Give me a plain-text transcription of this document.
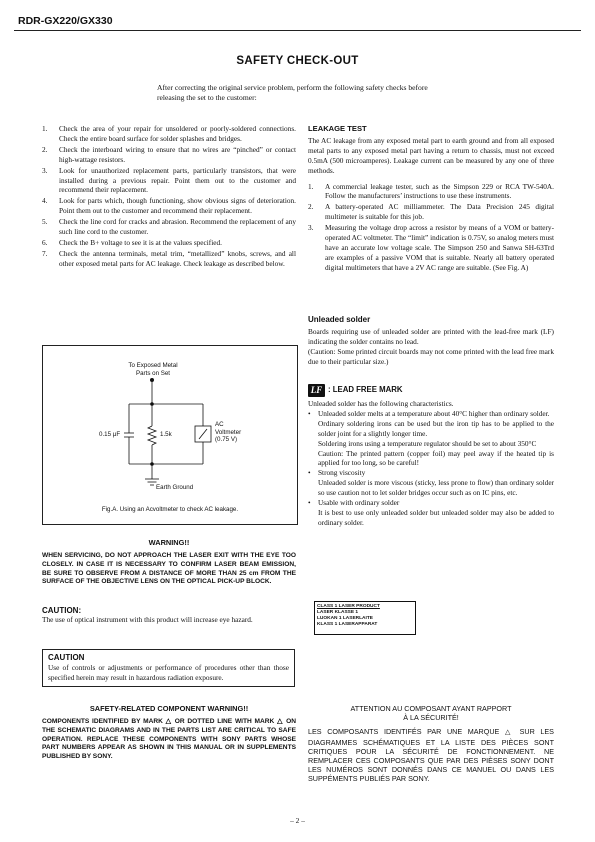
RDR-GX220/GX330
SAFETY CHECK-OUT
After correcting the original service problem, perform the following safety checks before releasing the set to the customer:
1. Check the area of your repair for unsoldered or poorly-soldered connections. Check the entire board surface for solder splashes and bridges.
2. Check the interboard wiring to ensure that no wires are “pinched” or contact high-wattage resistors.
3. Look for unauthorized replacement parts, particularly transistors, that were installed during a previous repair. Point them out to the customer and recommend their replacement.
4. Look for parts which, though functioning, show obvious signs of deterioration. Point them out to the customer and recommend their replacement.
5. Check the line cord for cracks and abrasion. Recommend the replacement of any such line cord to the customer.
6. Check the B+ voltage to see it is at the values specified.
7. Check the antenna terminals, metal trim, “metallized” knobs, screws, and all other exposed metal parts for AC leakage. Check leakage as described below.
To Exposed Metal
Parts on Set
0.15 μF	1.5k
AC
Voltmeter
(0.75 V)
Earth Ground
Fig.A. Using an Acvoltmeter to check AC leakage.
WARNING!!
WHEN SERVICING, DO NOT APPROACH THE LASER EXIT WITH THE EYE TOO CLOSELY. IN CASE IT IS NECESSARY TO CONFIRM LASER BEAM EMISSION, BE SURE TO OBSERVE FROM A DISTANCE OF MORE THAN 25 cm FROM THE SURFACE OF THE OBJECTIVE LENS ON THE OPTICAL PICK-UP BLOCK.
CAUTION:
The use of optical instrument with this product will increase eye hazard.
CAUTION
Use of controls or adjustments or performance of procedures other than those specified herein may result in hazardous radiation exposure.
SAFETY-RELATED COMPONENT WARNING!!
COMPONENTS IDENTIFIED BY MARK △ OR DOTTED LINE WITH MARK △ ON THE SCHEMATIC DIAGRAMS AND IN THE PARTS LIST ARE CRITICAL TO SAFE OPERATION. REPLACE THESE COMPONENTS WITH SONY PARTS WHOSE PART NUMBERS APPEAR AS SHOWN IN THIS MANUAL OR IN SUPPLEMENTS PUBLISHED BY SONY.
LEAKAGE TEST
The AC leakage from any exposed metal part to earth ground and from all exposed metal parts to any exposed metal part having a return to chassis, must not exceed 0.5mA (500 microamperes). Leakage current can be measured by any one of three methods.
1. A commercial leakage tester, such as the Simpson 229 or RCA TW-540A. Follow the manufacturers’ instructions to use these instruments.
2. A battery-operated AC milliammeter. The Data Precision 245 digital multimeter is suitable for this job.
3. Measuring the voltage drop across a resistor by means of a VOM or battery-operated AC voltmeter. The “limit” indication is 0.75V, so analog meters must have an accurate low voltage scale. The Simpson 250 and Sanwa SH-63Trd are examples of a passive VOM that is suitable. Nearly all battery operated digital multimeters that have a 2V AC range are suitable. (See Fig. A)
Unleaded solder
Boards requiring use of unleaded solder are printed with the lead-free mark (LF) indicating the solder contains no lead.
(Caution: Some printed circuit boards may not come printed with the lead free mark due to their particular size.)
LF : LEAD FREE MARK
Unleaded solder has the following characteristics.
• Unleaded solder melts at a temperature about 40°C higher than ordinary solder.
Ordinary soldering irons can be used but the iron tip has to be applied to the solder joint for a slightly longer time.
Soldering irons using a temperature regulator should be set to about 350°C
Caution: The printed pattern (copper foil) may peel away if the heated tip is applied for too long, so be careful!
• Strong viscosity
Unleaded solder is more viscous (sticky, less prone to flow) than ordinary solder so use caution not to let solder bridges occur such as on IC pins, etc.
• Usable with ordinary solder
It is best to use only unleaded solder but unleaded solder may also be added to ordinary solder.
CLASS 1 LASER PRODUCT
LASER KLASSE 1
LUOKAN 1 LASERLAITE
KLASS 1 LASERAPPARAT
ATTENTION AU COMPOSANT AYANT RAPPORT
À LA SÉCURITÉ!
LES COMPOSANTS IDENTIFÉS PAR UNE MARQUE △ SUR LES DIAGRAMMES SCHÉMATIQUES ET LA LISTE DES PIÈCES SONT CRITIQUES POUR LA SÉCURITÉ DE FONCTIONNEMENT. NE REMPLACER CES COMPOSANTS QUE PAR DES PIÈSES SONY DONT LES NUMÉROS SONT DONNÉS DANS CE MANUEL OU DANS LES SUPPÉMENTS PUBLIÉS PAR SONY.
– 2 –
